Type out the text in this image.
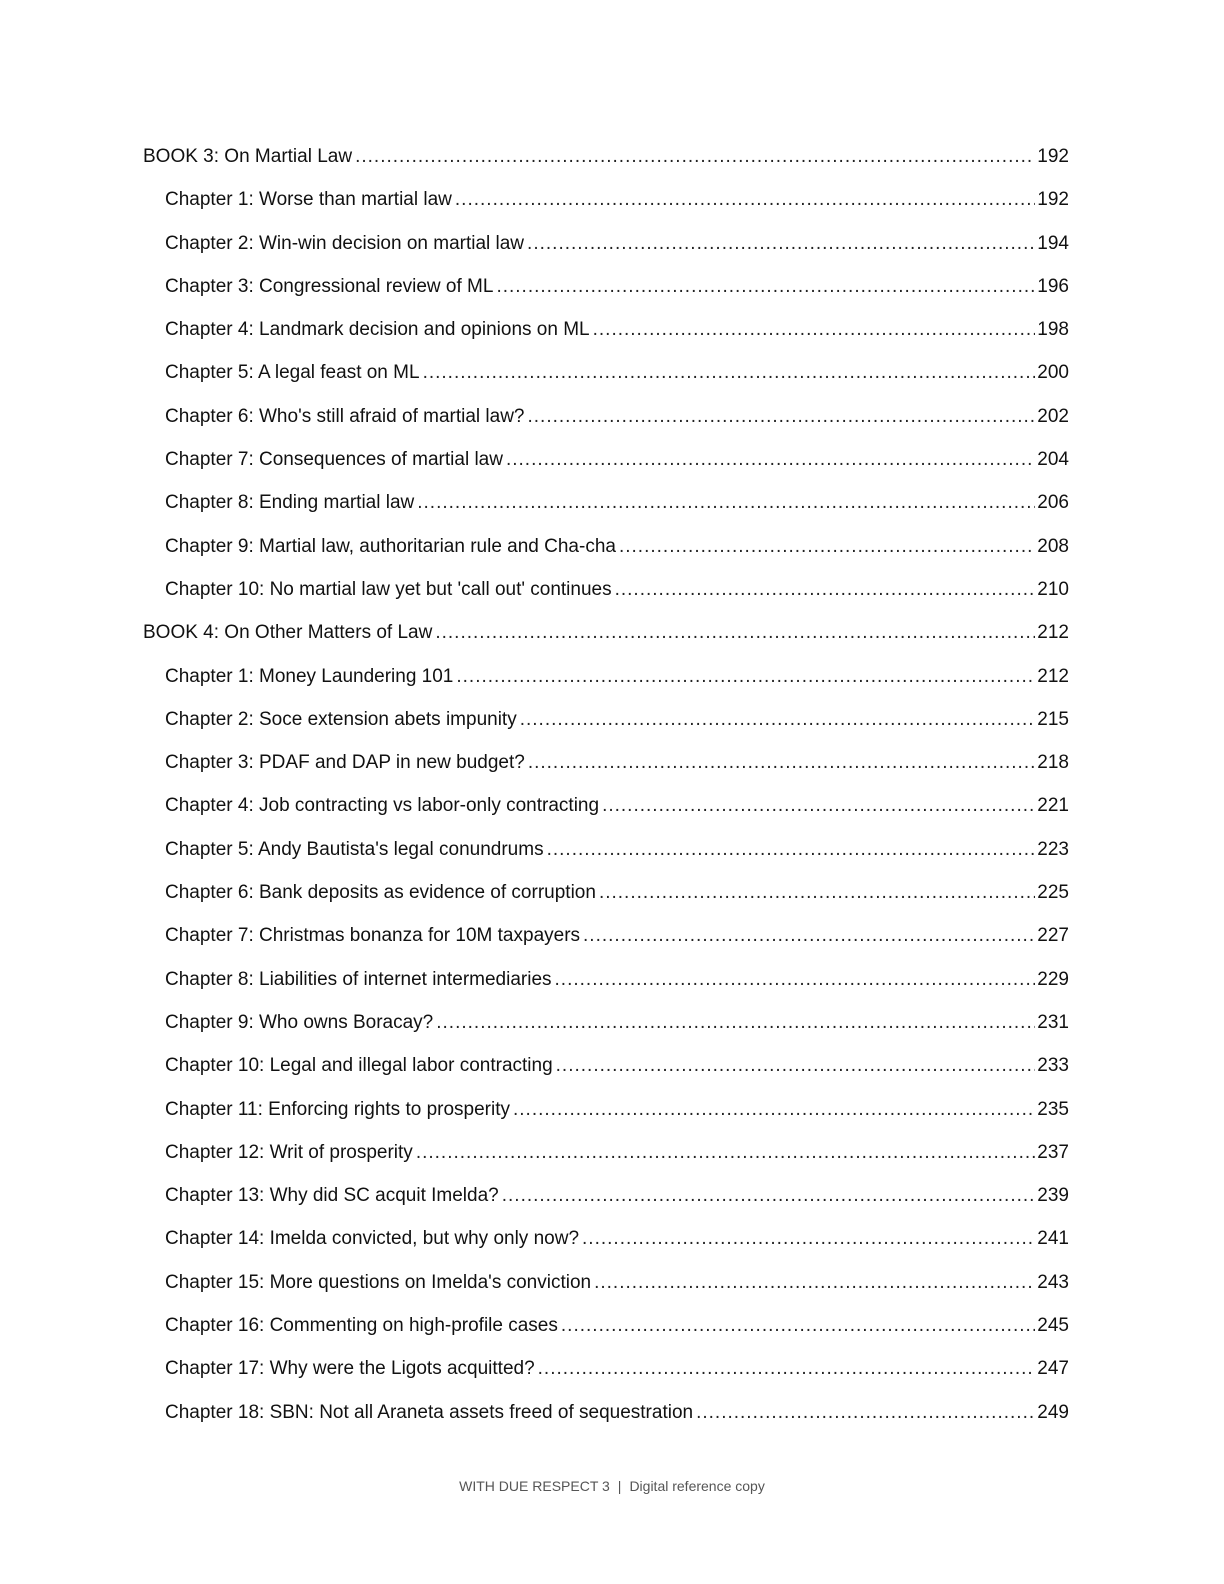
BOOK 3: On Martial Law .....	192
Chapter 1: Worse than martial law .....	192
Chapter 2: Win-win decision on martial law .....	194
Chapter 3: Congressional review of ML .....	196
Chapter 4: Landmark decision and opinions on ML .....	198
Chapter 5: A legal feast on ML .....	200
Chapter 6: Who's still afraid of martial law? .....	202
Chapter 7: Consequences of martial law .....	204
Chapter 8: Ending martial law .....	206
Chapter 9: Martial law, authoritarian rule and Cha-cha .....	208
Chapter 10: No martial law yet but 'call out' continues .....	210
BOOK 4: On Other Matters of Law .....	212
Chapter 1: Money Laundering 101 .....	212
Chapter 2: Soce extension abets impunity .....	215
Chapter 3: PDAF and DAP in new budget? .....	218
Chapter 4: Job contracting vs labor-only contracting .....	221
Chapter 5: Andy Bautista's legal conundrums .....	223
Chapter 6: Bank deposits as evidence of corruption .....	225
Chapter 7: Christmas bonanza for 10M taxpayers .....	227
Chapter 8: Liabilities of internet intermediaries .....	229
Chapter 9: Who owns Boracay? .....	231
Chapter 10: Legal and illegal labor contracting .....	233
Chapter 11: Enforcing rights to prosperity .....	235
Chapter 12: Writ of prosperity .....	237
Chapter 13: Why did SC acquit Imelda? .....	239
Chapter 14: Imelda convicted, but why only now? .....	241
Chapter 15: More questions on Imelda's conviction .....	243
Chapter 16: Commenting on high-profile cases .....	245
Chapter 17: Why were the Ligots acquitted? .....	247
Chapter 18: SBN: Not all Araneta assets freed of sequestration .....	249
WITH DUE RESPECT 3 | Digital reference copy
